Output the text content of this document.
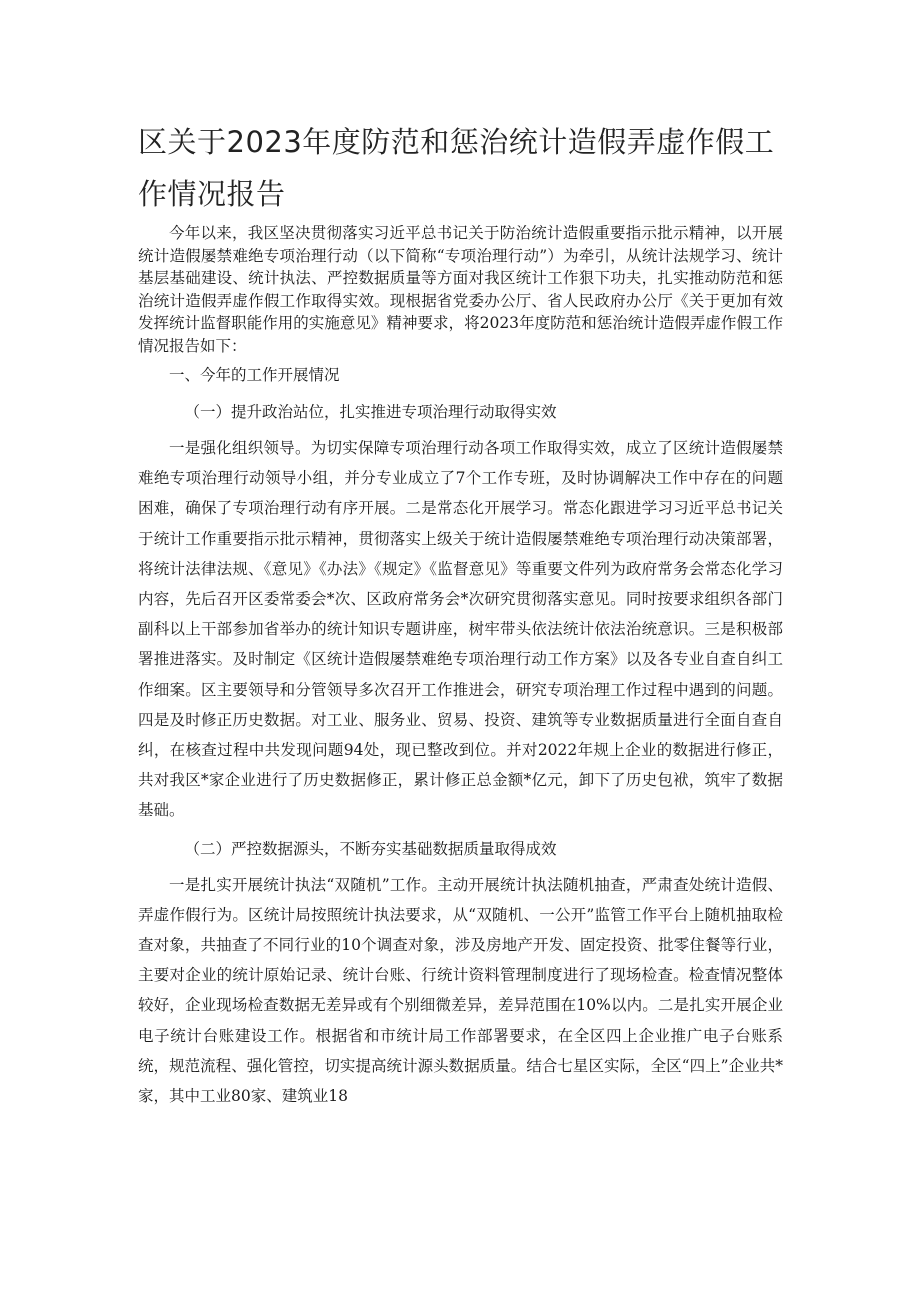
区关于2023年度防范和惩治统计造假弄虚作假工作情况报告

今年以来，我区坚决贯彻落实习近平总书记关于防治统计造假重要指示批示精神，以开展统计造假屡禁难绝专项治理行动（以下简称“专项治理行动”）为牵引，从统计法规学习、统计基层基础建设、统计执法、严控数据质量等方面对我区统计工作狠下功夫，扎实推动防范和惩治统计造假弄虚作假工作取得实效。现根据省党委办公厅、省人民政府办公厅《关于更加有效发挥统计监督职能作用的实施意见》精神要求，将2023年度防范和惩治统计造假弄虚作假工作情况报告如下：

一、今年的工作开展情况

（一）提升政治站位，扎实推进专项治理行动取得实效

一是强化组织领导。为切实保障专项治理行动各项工作取得实效，成立了区统计造假屡禁难绝专项治理行动领导小组，并分专业成立了7个工作专班，及时协调解决工作中存在的问题困难，确保了专项治理行动有序开展。二是常态化开展学习。常态化跟进学习习近平总书记关于统计工作重要指示批示精神，贯彻落实上级关于统计造假屡禁难绝专项治理行动决策部署，将统计法律法规、《意见》《办法》《规定》《监督意见》等重要文件列为政府常务会常态化学习内容，先后召开区委常委会*次、区政府常务会*次研究贯彻落实意见。同时按要求组织各部门副科以上干部参加省举办的统计知识专题讲座，树牢带头依法统计依法治统意识。三是积极部署推进落实。及时制定《区统计造假屡禁难绝专项治理行动工作方案》以及各专业自查自纠工作细案。区主要领导和分管领导多次召开工作推进会，研究专项治理工作过程中遇到的问题。四是及时修正历史数据。对工业、服务业、贸易、投资、建筑等专业数据质量进行全面自查自纠，在核查过程中共发现问题94处，现已整改到位。并对2022年规上企业的数据进行修正，共对我区*家企业进行了历史数据修正，累计修正总金额*亿元，卸下了历史包袱，筑牢了数据基础。

（二）严控数据源头，不断夯实基础数据质量取得成效

一是扎实开展统计执法“双随机”工作。主动开展统计执法随机抽查，严肃查处统计造假、弄虚作假行为。区统计局按照统计执法要求，从“双随机、一公开”监管工作平台上随机抽取检查对象，共抽查了不同行业的10个调查对象，涉及房地产开发、固定投资、批零住餐等行业，主要对企业的统计原始记录、统计台账、行统计资料管理制度进行了现场检查。检查情况整体较好，企业现场检查数据无差异或有个别细微差异，差异范围在10%以内。二是扎实开展企业电子统计台账建设工作。根据省和市统计局工作部署要求，在全区四上企业推广电子台账系统，规范流程、强化管控，切实提高统计源头数据质量。结合七星区实际，全区“四上”企业共*家，其中工业80家、建筑业18
